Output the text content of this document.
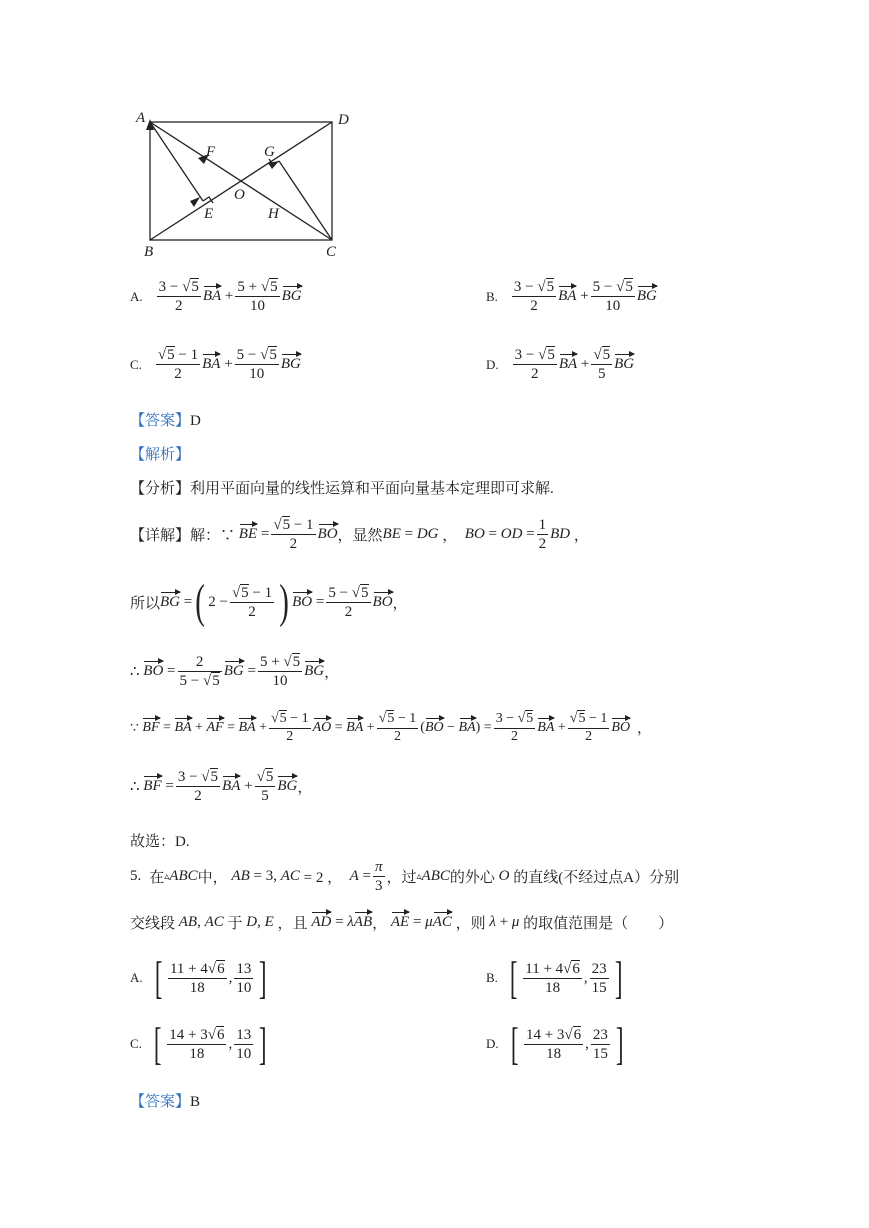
A	D
B	C
F	G
O
E	H
A. $\frac{3 - √5}{2}$ BA + $\frac{5 + √5}{10}$ BG	B. $\frac{3 - √5}{2}$ BA + $\frac{5 - √5}{10}$ BG
C. $\frac{√5 - 1}{2}$ BA + $\frac{5 - √5}{10}$ BG	D. $\frac{3 - √5}{2}$ BA + $\frac{√5}{5}$ BG
【答案】D
【解析】
【分析】利用平面向量的线性运算和平面向量基本定理即可求解.
【详解】 解：∵
BE = $\frac{√5 - 1}{2}$ BO ，显然 BE = DG ， BO = OD = $\frac{1}{2}$ BD ，
所以 BG = ( $2 - \frac{√5 - 1}{2}$ ) BO = $\frac{5 - √5}{2}$ BO ，
∴ BO = $\frac{2}{5 - √5}$ BG = $\frac{5 + √5}{10}$ BG ，
∵ BF = BA + AF = BA + $\frac{√5 - 1}{2}$ AO = BA + $\frac{√5 - 1}{2}$ ( BO − BA ) = $\frac{3 - √5}{2}$ BA + $\frac{√5 - 1}{2}$ BO ，
∴ BF = $\frac{3 - √5}{2}$ BA + $\frac{√5}{5}$ BG ，
故选：D.
5. 在 ▵ ABC 中，
AB = 3, AC = 2 ， $A = \frac{\pi}{3}$ ，过 ▵ ABC 的外心
O
的直线(不经过点A）分别
交线段
AB , AC
于
D , E
，且
AD = λ AB ， AE = μ AC
，则
λ + μ
的取值范围是（　　）
A. [ $\frac{11 + 4√6}{18}$ , $\frac{13}{10}$ ]	B. [ $\frac{11 + 4√6}{18}$ , $\frac{23}{15}$ ]
C. [ $\frac{14 + 3√6}{18}$ , $\frac{13}{10}$ ]	D. [ $\frac{14 + 3√6}{18}$ , $\frac{23}{15}$ ]
【答案】B
